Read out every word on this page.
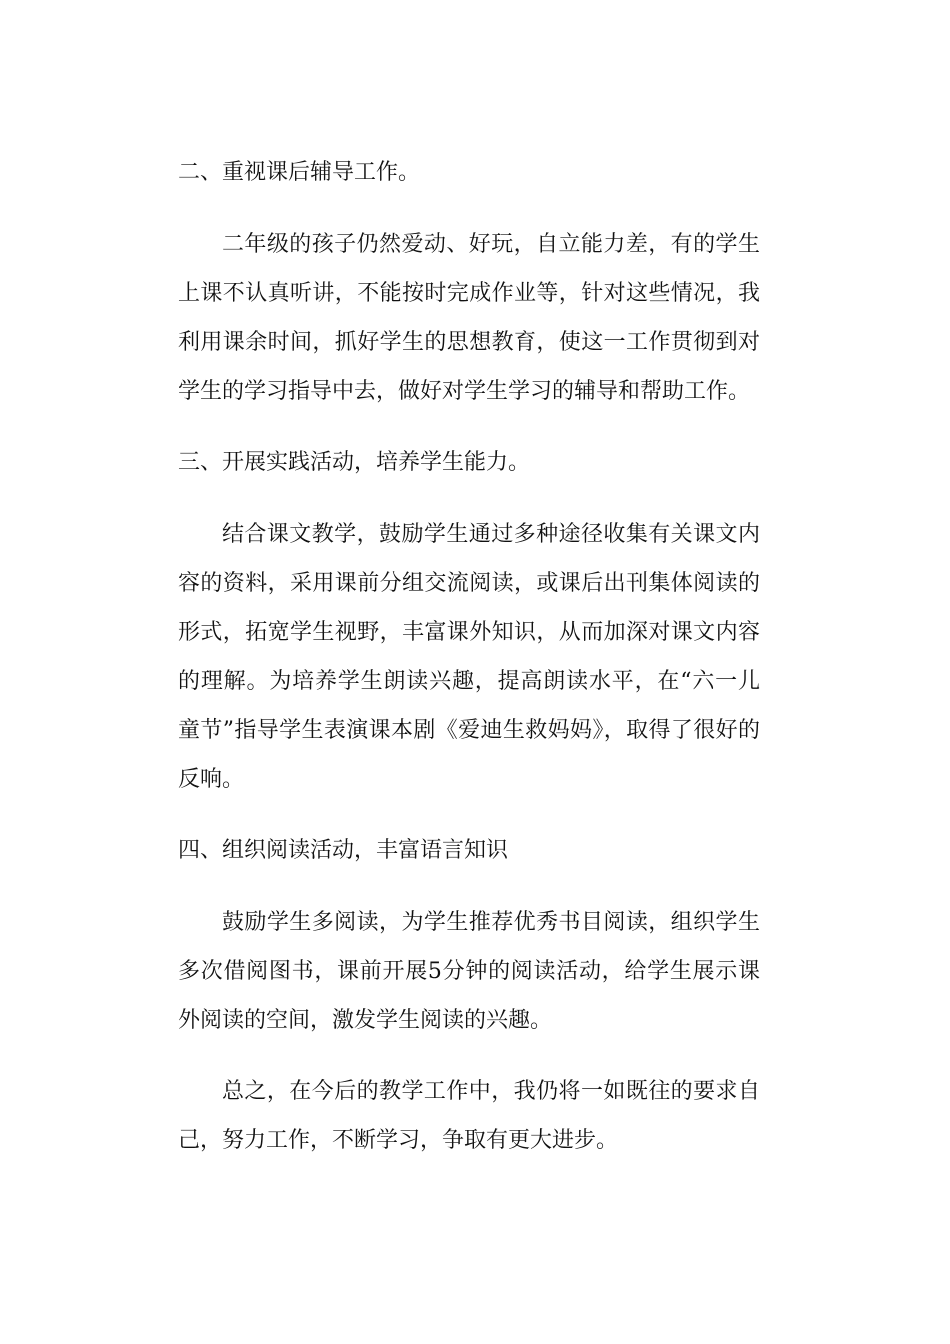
二、重视课后辅导工作。
二年级的孩子仍然爱动、好玩，自立能力差，有的学生上课不认真听讲，不能按时完成作业等，针对这些情况，我利用课余时间，抓好学生的思想教育，使这一工作贯彻到对学生的学习指导中去，做好对学生学习的辅导和帮助工作。
三、开展实践活动，培养学生能力。
结合课文教学，鼓励学生通过多种途径收集有关课文内容的资料，采用课前分组交流阅读，或课后出刊集体阅读的形式，拓宽学生视野，丰富课外知识，从而加深对课文内容的理解。为培养学生朗读兴趣，提高朗读水平，在“六一儿童节”指导学生表演课本剧《爱迪生救妈妈》，取得了很好的反响。
四、组织阅读活动，丰富语言知识
鼓励学生多阅读，为学生推荐优秀书目阅读，组织学生多次借阅图书，课前开展5分钟的阅读活动，给学生展示课外阅读的空间，激发学生阅读的兴趣。
总之，在今后的教学工作中，我仍将一如既往的要求自己，努力工作，不断学习，争取有更大进步。
